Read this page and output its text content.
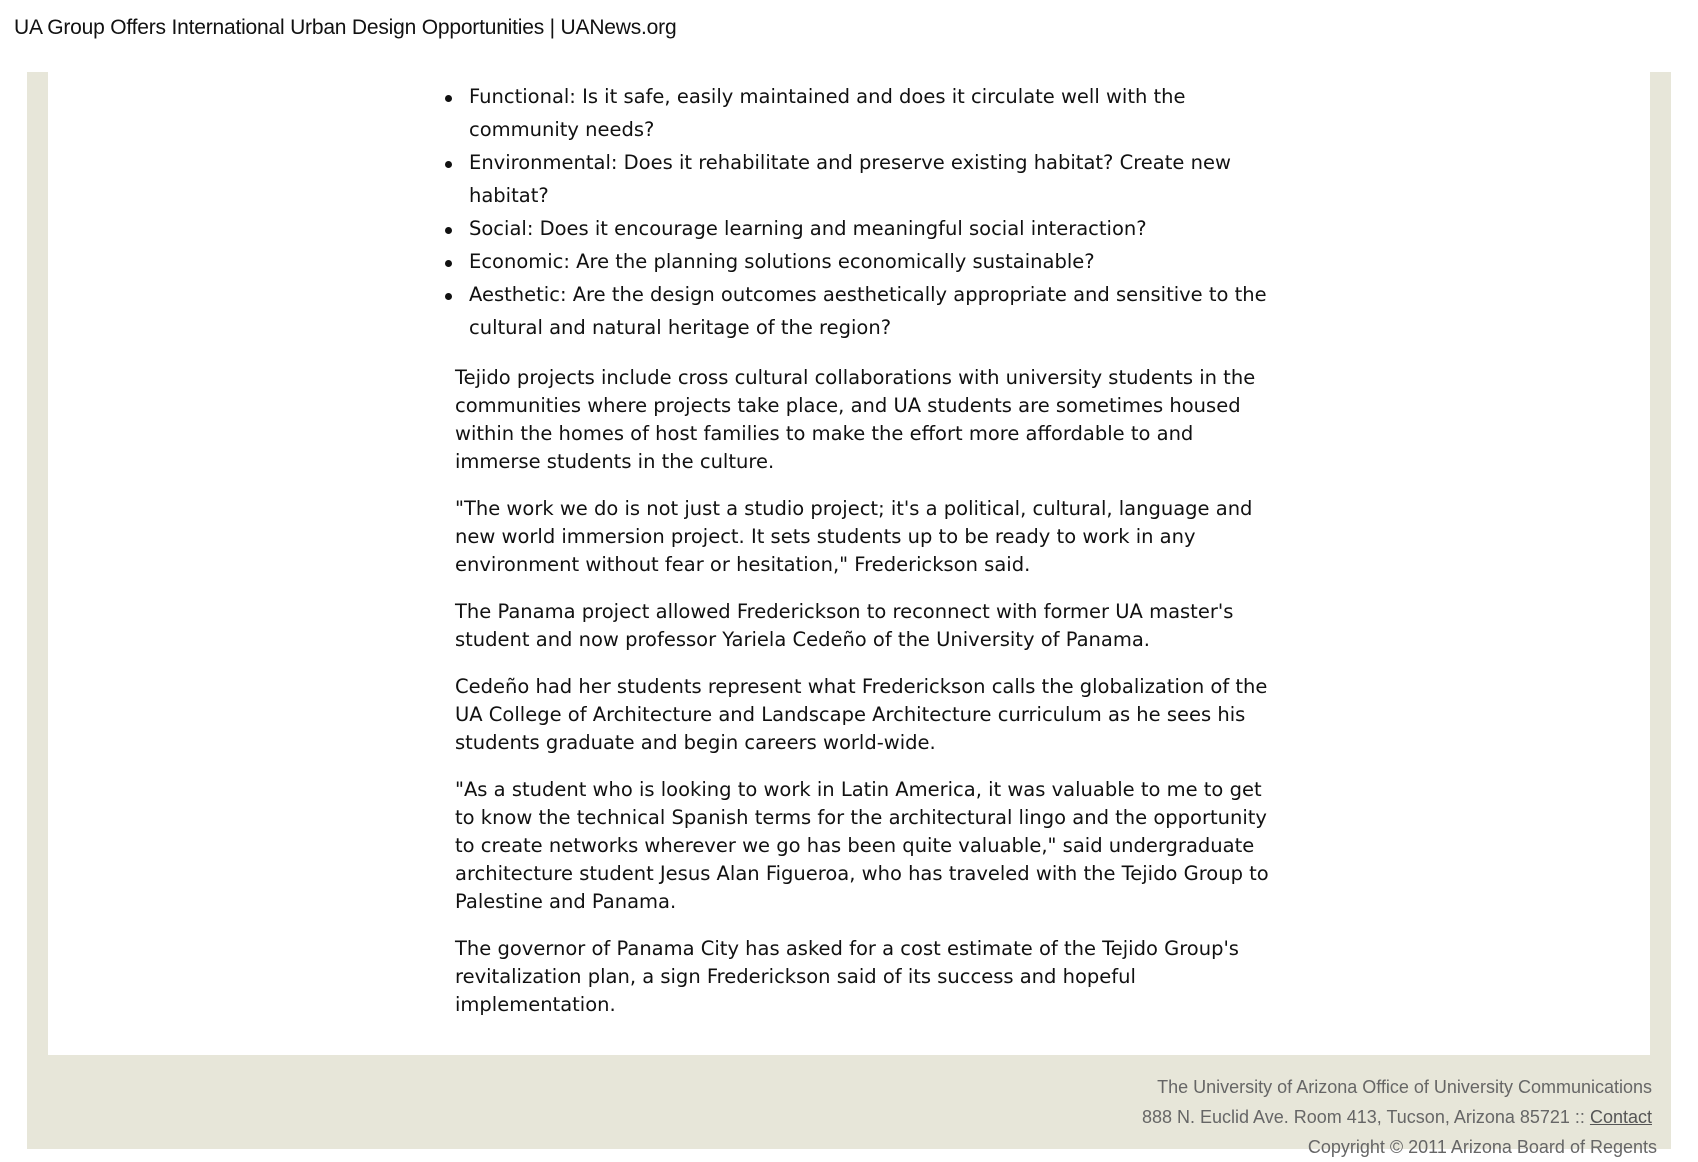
UA Group Offers International Urban Design Opportunities | UANews.org
Functional: Is it safe, easily maintained and does it circulate well with the community needs?
Environmental: Does it rehabilitate and preserve existing habitat? Create new habitat?
Social: Does it encourage learning and meaningful social interaction?
Economic: Are the planning solutions economically sustainable?
Aesthetic: Are the design outcomes aesthetically appropriate and sensitive to the cultural and natural heritage of the region?

Tejido projects include cross cultural collaborations with university students in the communities where projects take place, and UA students are sometimes housed within the homes of host families to make the effort more affordable to and immerse students in the culture.

"The work we do is not just a studio project; it's a political, cultural, language and new world immersion project. It sets students up to be ready to work in any environment without fear or hesitation," Frederickson said.

The Panama project allowed Frederickson to reconnect with former UA master's student and now professor Yariela Cedeño of the University of Panama.

Cedeño had her students represent what Frederickson calls the globalization of the UA College of Architecture and Landscape Architecture curriculum as he sees his students graduate and begin careers world-wide.

"As a student who is looking to work in Latin America, it was valuable to me to get to know the technical Spanish terms for the architectural lingo and the opportunity to create networks wherever we go has been quite valuable," said undergraduate architecture student Jesus Alan Figueroa, who has traveled with the Tejido Group to Palestine and Panama.

The governor of Panama City has asked for a cost estimate of the Tejido Group's revitalization plan, a sign Frederickson said of its success and hopeful implementation.

The University of Arizona Office of University Communications

888 N. Euclid Ave. Room 413, Tucson, Arizona 85721 :: Contact

Copyright © 2011 Arizona Board of Regents
